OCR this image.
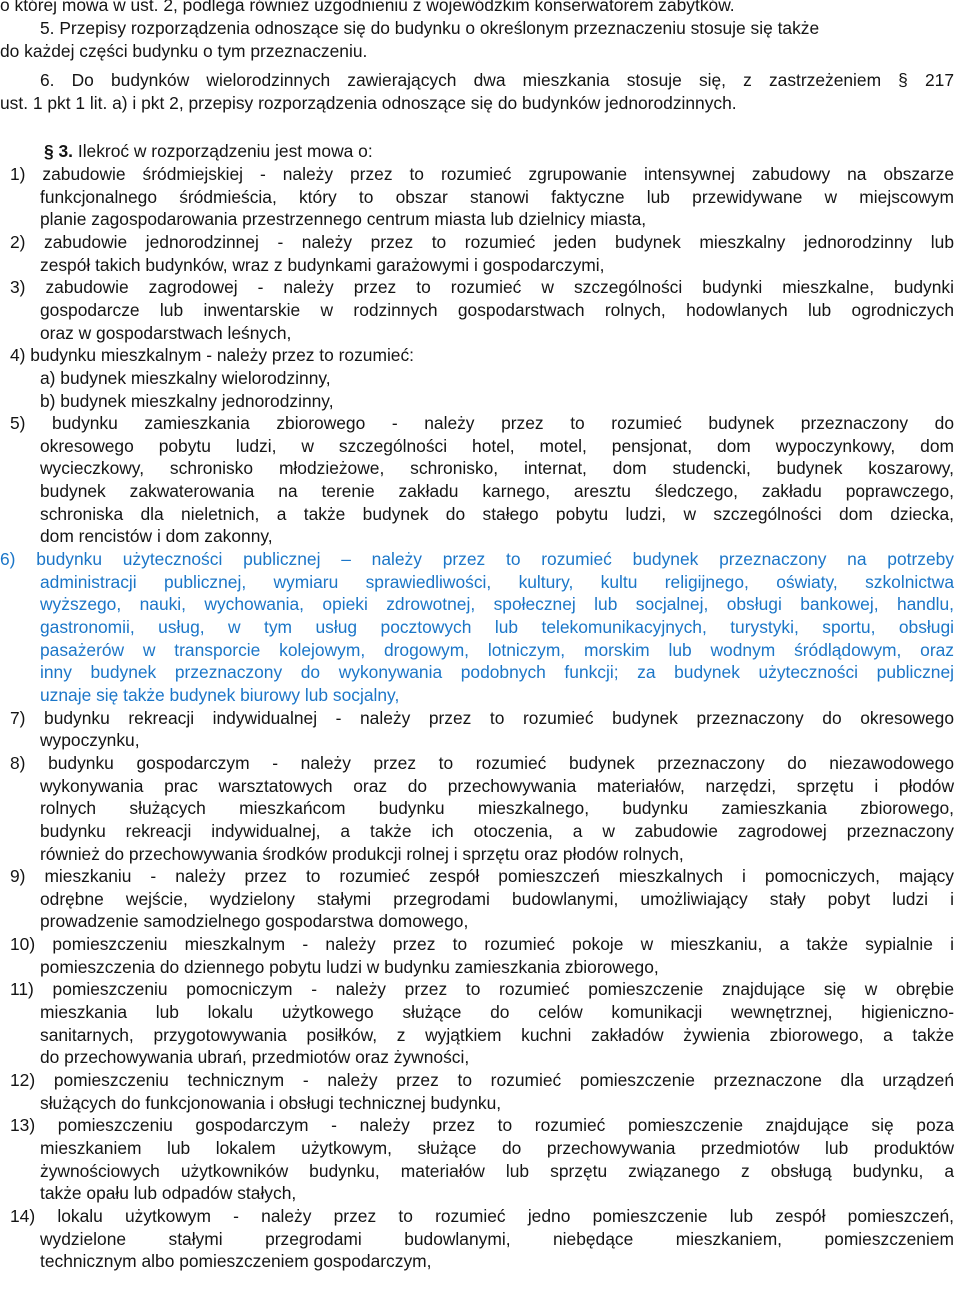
o której mowa w ust. 2, podlega również uzgodnieniu z wojewódzkim konserwatorem zabytków.
5. Przepisy rozporządzenia odnoszące się do budynku o określonym przeznaczeniu stosuje się także
do każdej części budynku o tym przeznaczeniu.
6. Do budynków wielorodzinnych zawierających dwa mieszkania stosuje się, z zastrzeżeniem § 217
ust. 1 pkt 1 lit. a) i pkt 2, przepisy rozporządzenia odnoszące się do budynków jednorodzinnych.
§ 3. Ilekroć w rozporządzeniu jest mowa o:
1) zabudowie śródmiejskiej - należy przez to rozumieć zgrupowanie intensywnej zabudowy na obszarze
funkcjonalnego śródmieścia, który to obszar stanowi faktyczne lub przewidywane w miejscowym
planie zagospodarowania przestrzennego centrum miasta lub dzielnicy miasta,
2) zabudowie jednorodzinnej - należy przez to rozumieć jeden budynek mieszkalny jednorodzinny lub
zespół takich budynków, wraz z budynkami garażowymi i gospodarczymi,
3) zabudowie zagrodowej - należy przez to rozumieć w szczególności budynki mieszkalne, budynki
gospodarcze lub inwentarskie w rodzinnych gospodarstwach rolnych, hodowlanych lub ogrodniczych
oraz w gospodarstwach leśnych,
4) budynku mieszkalnym - należy przez to rozumieć:
a) budynek mieszkalny wielorodzinny,
b) budynek mieszkalny jednorodzinny,
5) budynku zamieszkania zbiorowego - należy przez to rozumieć budynek przeznaczony do
okresowego pobytu ludzi, w szczególności hotel, motel, pensjonat, dom wypoczynkowy, dom
wycieczkowy, schronisko młodzieżowe, schronisko, internat, dom studencki, budynek koszarowy,
budynek zakwaterowania na terenie zakładu karnego, aresztu śledczego, zakładu poprawczego,
schroniska dla nieletnich, a także budynek do stałego pobytu ludzi, w szczególności dom dziecka,
dom rencistów i dom zakonny,
6) budynku użyteczności publicznej – należy przez to rozumieć budynek przeznaczony na potrzeby
administracji publicznej, wymiaru sprawiedliwości, kultury, kultu religijnego, oświaty, szkolnictwa
wyższego, nauki, wychowania, opieki zdrowotnej, społecznej lub socjalnej, obsługi bankowej, handlu,
gastronomii, usług, w tym usług pocztowych lub telekomunikacyjnych, turystyki, sportu, obsługi
pasażerów w transporcie kolejowym, drogowym, lotniczym, morskim lub wodnym śródlądowym, oraz
inny budynek przeznaczony do wykonywania podobnych funkcji; za budynek użyteczności publicznej
uznaje się także budynek biurowy lub socjalny,
7) budynku rekreacji indywidualnej - należy przez to rozumieć budynek przeznaczony do okresowego
wypoczynku,
8) budynku gospodarczym - należy przez to rozumieć budynek przeznaczony do niezawodowego
wykonywania prac warsztatowych oraz do przechowywania materiałów, narzędzi, sprzętu i płodów
rolnych służących mieszkańcom budynku mieszkalnego, budynku zamieszkania zbiorowego,
budynku rekreacji indywidualnej, a także ich otoczenia, a w zabudowie zagrodowej przeznaczony
również do przechowywania środków produkcji rolnej i sprzętu oraz płodów rolnych,
9) mieszkaniu - należy przez to rozumieć zespół pomieszczeń mieszkalnych i pomocniczych, mający
odrębne wejście, wydzielony stałymi przegrodami budowlanymi, umożliwiający stały pobyt ludzi i
prowadzenie samodzielnego gospodarstwa domowego,
10) pomieszczeniu mieszkalnym - należy przez to rozumieć pokoje w mieszkaniu, a także sypialnie i
pomieszczenia do dziennego pobytu ludzi w budynku zamieszkania zbiorowego,
11) pomieszczeniu pomocniczym - należy przez to rozumieć pomieszczenie znajdujące się w obrębie
mieszkania lub lokalu użytkowego służące do celów komunikacji wewnętrznej, higieniczno-
sanitarnych, przygotowywania posiłków, z wyjątkiem kuchni zakładów żywienia zbiorowego, a także
do przechowywania ubrań, przedmiotów oraz żywności,
12) pomieszczeniu technicznym - należy przez to rozumieć pomieszczenie przeznaczone dla urządzeń
służących do funkcjonowania i obsługi technicznej budynku,
13) pomieszczeniu gospodarczym - należy przez to rozumieć pomieszczenie znajdujące się poza
mieszkaniem lub lokalem użytkowym, służące do przechowywania przedmiotów lub produktów
żywnościowych użytkowników budynku, materiałów lub sprzętu związanego z obsługą budynku, a
także opału lub odpadów stałych,
14) lokalu użytkowym - należy przez to rozumieć jedno pomieszczenie lub zespół pomieszczeń,
wydzielone stałymi przegrodami budowlanymi, niebędące mieszkaniem, pomieszczeniem
technicznym albo pomieszczeniem gospodarczym,
